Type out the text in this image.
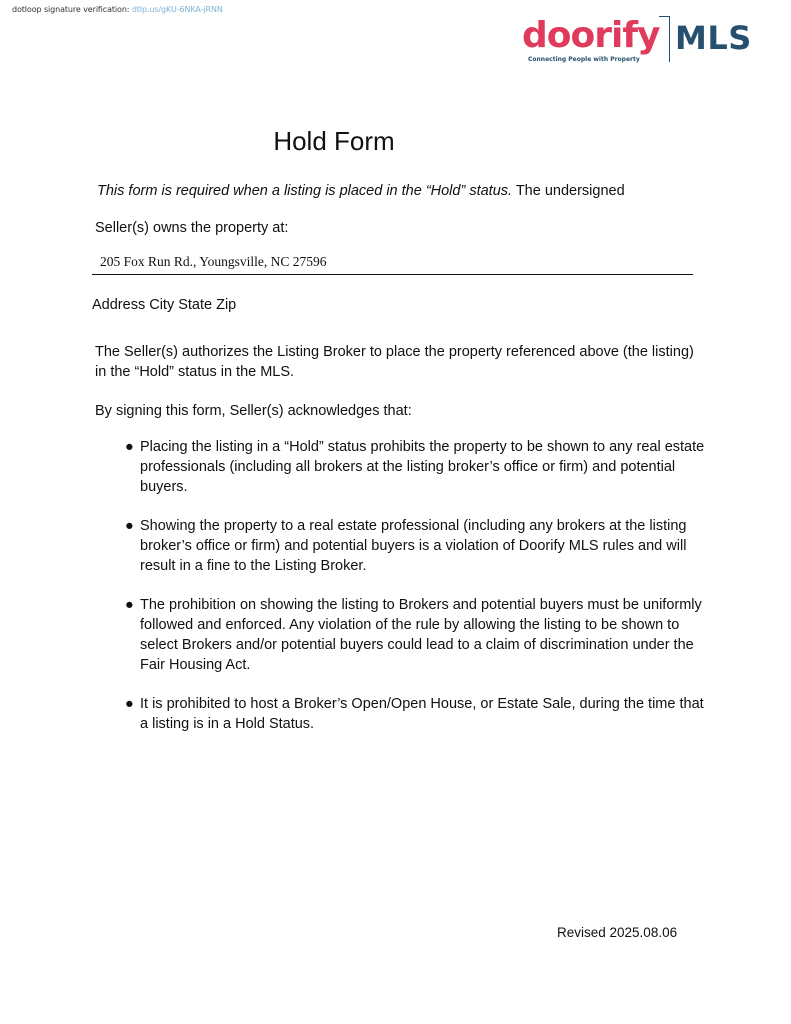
dotloop signature verification: dtlp.us/gKU-6NKA-jRNN
doorify MLS
Connecting People with Property
Hold Form
This form is required when a listing is placed in the “Hold” status. The undersigned
Seller(s) owns the property at:
205 Fox Run Rd., Youngsville, NC 27596
Address City State Zip
The Seller(s) authorizes the Listing Broker to place the property referenced above (the listing) in the “Hold” status in the MLS.
By signing this form, Seller(s) acknowledges that:
● Placing the listing in a “Hold” status prohibits the property to be shown to any real estate professionals (including all brokers at the listing broker’s office or firm) and potential buyers.
● Showing the property to a real estate professional (including any brokers at the listing broker’s office or firm) and potential buyers is a violation of Doorify MLS rules and will result in a fine to the Listing Broker.
● The prohibition on showing the listing to Brokers and potential buyers must be uniformly followed and enforced. Any violation of the rule by allowing the listing to be shown to select Brokers and/or potential buyers could lead to a claim of discrimination under the Fair Housing Act.
● It is prohibited to host a Broker’s Open/Open House, or Estate Sale, during the time that a listing is in a Hold Status.
Revised 2025.08.06
